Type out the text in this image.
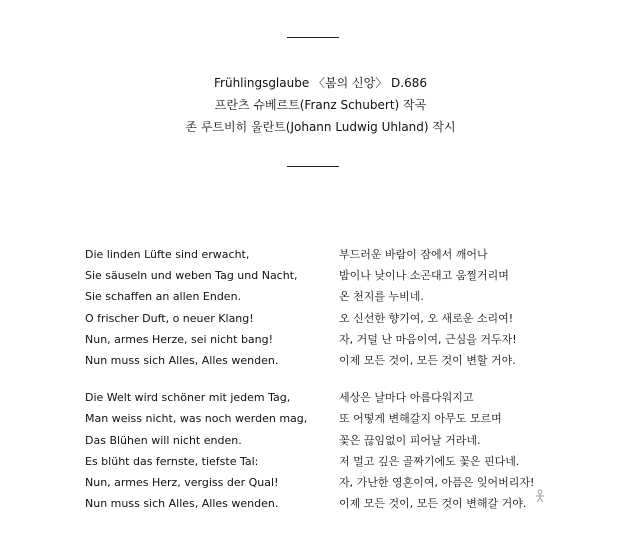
Frühlingsglaube 〈봄의 신앙〉 D.686
프란츠 슈베르트(Franz Schubert) 작곡
존 루트비히 울란트(Johann Ludwig Uhland) 작시
Die linden Lüfte sind erwacht,
Sie säuseln und weben Tag und Nacht,
Sie schaffen an allen Enden.
O frischer Duft, o neuer Klang!
Nun, armes Herze, sei nicht bang!
Nun muss sich Alles, Alles wenden.
Die Welt wird schöner mit jedem Tag,
Man weiss nicht, was noch werden mag,
Das Blühen will nicht enden.
Es blüht das fernste, tiefste Tal:
Nun, armes Herz, vergiss der Qual!
Nun muss sich Alles, Alles wenden.
부드러운 바람이 잠에서 깨어나
밤이나 낮이나 소곤대고 움찔거리며
온 천지를 누비네.
오 신선한 향기여, 오 새로운 소리여!
자, 거덜 난 마음이여, 근심을 거두자!
이제 모든 것이, 모든 것이 변할 거야.
세상은 날마다 아름다워지고
또 어떻게 변해갈지 아무도 모르며
꽃은 끊임없이 피어날 거라네.
저 멀고 깊은 골짜기에도 꽃은 핀다네.
자, 가난한 영혼이여, 아픔은 잊어버리자!
이제 모든 것이, 모든 것이 변해갈 거야.
